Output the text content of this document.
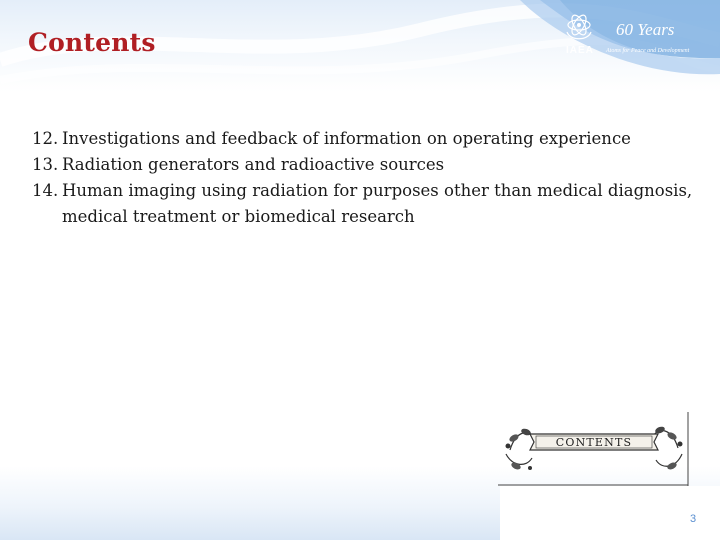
Contents	IAEA
60 Years
Atoms for Peace and Development
12. Investigations and feedback of information on operating experience
13. Radiation generators and radioactive sources
14. Human imaging using radiation for purposes other than medical diagnosis, medical treatment or biomedical research
CONTENTS
3
